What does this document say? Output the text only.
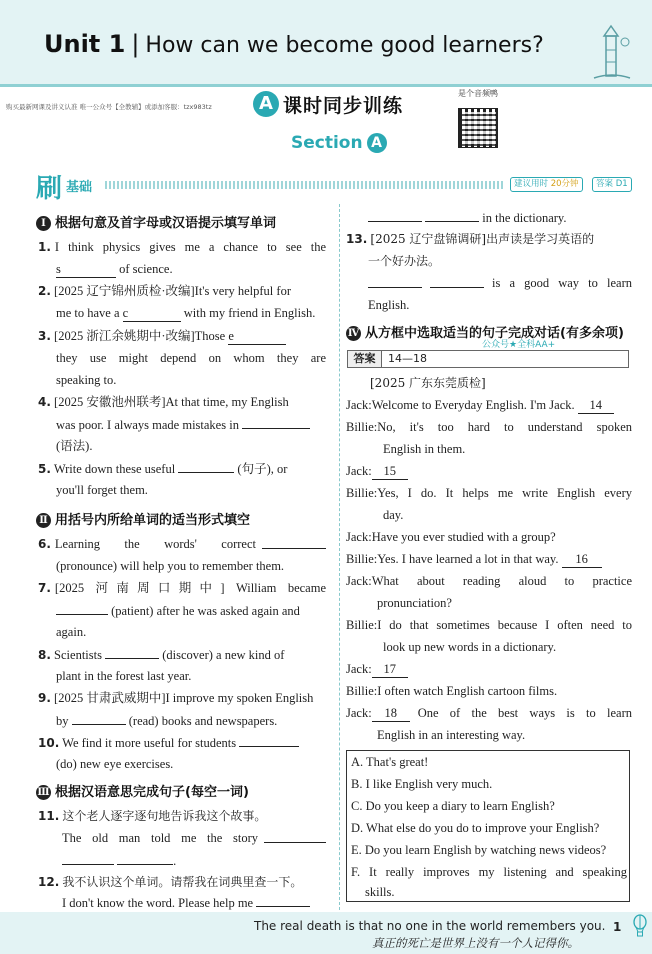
Unit 1 | How can we become good learners?
购买最新网课及讲义认准 唯一公众号【全教辅】或添加客服：tzx983tz	A 课时同步训练
是个音频鸭
Section A
刷 基础	建议用时 20分钟	答案 D1
Ⅰ 根据句意及首字母或汉语提示填写单词
1. I think physics gives me a chance to see the
s	of science.
2. [2025 辽宁锦州质检·改编]It's very helpful for
me to have a c	with my friend in English.
3. [2025 浙江余姚期中·改编]Those e
they use might depend on whom they are
speaking to.
4. [2025 安徽池州联考]At that time, my English
was poor. I always made mistakes in
(语法).
5. Write down these useful	(句子), or
you'll forget them.
Ⅱ 用括号内所给单词的适当形式填空
6. Learning the words' correct
(pronounce) will help you to remember them.
7. [2025 河南周口期中] William became
(patient) after he was asked again and
again.
8. Scientists	(discover) a new kind of
plant in the forest last year.
9. [2025 甘肃武威期中]I improve my spoken English
by	(read) books and newspapers.
10. We find it more useful for students
(do) new eye exercises.
Ⅲ 根据汉语意思完成句子(每空一词)
11. 这个老人逐字逐句地告诉我这个故事。
The old man told me the story
.
12. 我不认识这个单词。请帮我在词典里查一下。
I don't know the word. Please help me
in the dictionary.
13. [2025 辽宁盘锦调研]出声读是学习英语的
一个好办法。
is a good way to learn
English.
Ⅳ 从方框中选取适当的句子完成对话(有多余项)
公众号★全科AA+
答案	14—18
[2025 广东东莞质检]
Jack:Welcome to Everyday English. I'm Jack. 14
Billie: No, it's too hard to understand spoken
English in them.
Jack: 15
Billie: Yes, I do. It helps me write English every
day.
Jack:Have you ever studied with a group?
Billie:Yes. I have learned a lot in that way. 16
Jack: What about reading aloud to practice
pronunciation?
Billie: I do that sometimes because I often need to
look up new words in a dictionary.
Jack: 17
Billie:I often watch English cartoon films.
Jack:	18	One of the best ways is to learn
English in an interesting way.
A. That's great!
B. I like English very much.
C. Do you keep a diary to learn English?
D. What else do you do to improve your English?
E. Do you learn English by watching news videos?
F. It really improves my listening and speaking
skills.
The real death is that no one in the world remembers you.
真正的死亡是世界上没有一个人记得你。
1
